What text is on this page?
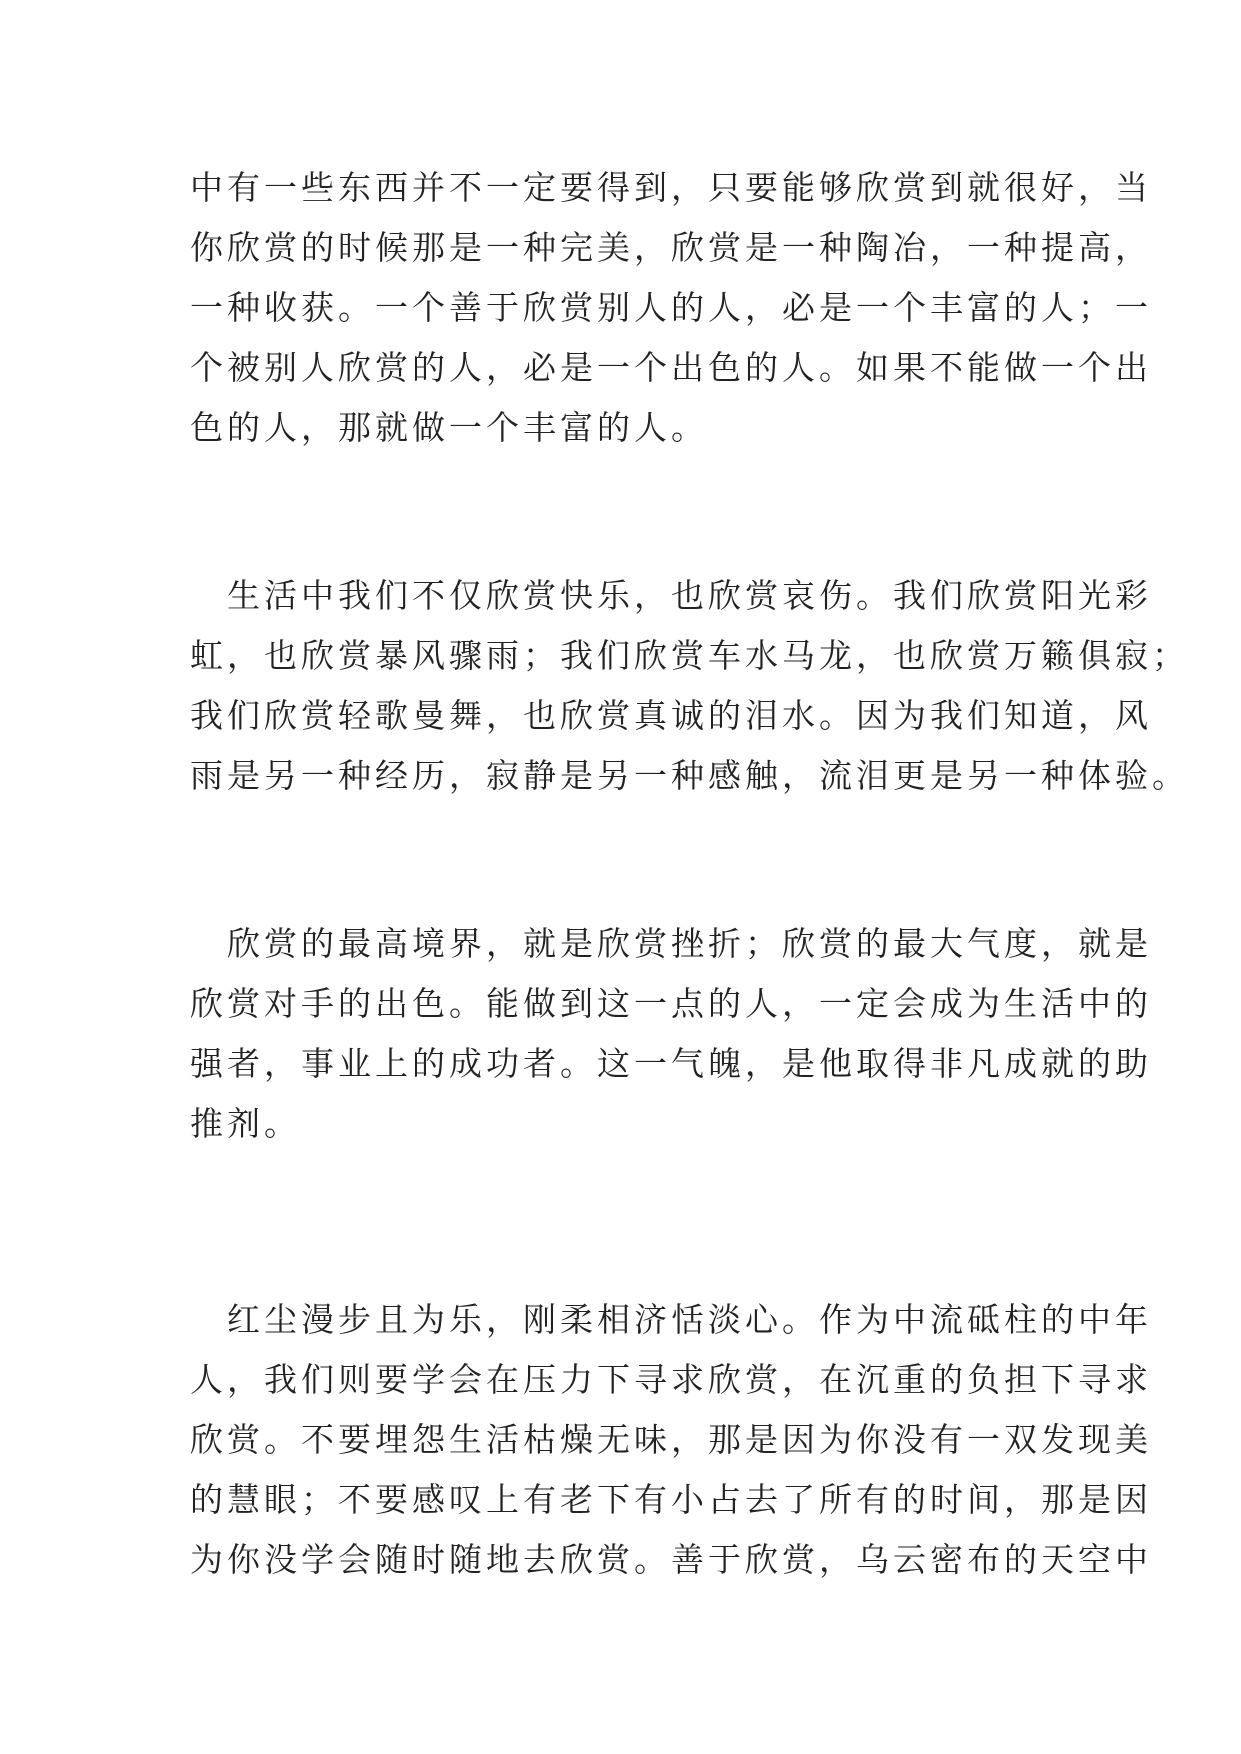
中有一些东西并不一定要得到，只要能够欣赏到就很好，当
你欣赏的时候那是一种完美，欣赏是一种陶冶，一种提高，
一种收获。一个善于欣赏别人的人，必是一个丰富的人；一
个被别人欣赏的人，必是一个出色的人。如果不能做一个出
色的人，那就做一个丰富的人。
生活中我们不仅欣赏快乐，也欣赏哀伤。我们欣赏阳光彩
虹，也欣赏暴风骤雨；我们欣赏车水马龙，也欣赏万籁俱寂；
我们欣赏轻歌曼舞，也欣赏真诚的泪水。因为我们知道，风
雨是另一种经历，寂静是另一种感触，流泪更是另一种体验。
欣赏的最高境界，就是欣赏挫折；欣赏的最大气度，就是
欣赏对手的出色。能做到这一点的人，一定会成为生活中的
强者，事业上的成功者。这一气魄，是他取得非凡成就的助
推剂。
红尘漫步且为乐，刚柔相济恬淡心。作为中流砥柱的中年
人，我们则要学会在压力下寻求欣赏，在沉重的负担下寻求
欣赏。不要埋怨生活枯燥无味，那是因为你没有一双发现美
的慧眼；不要感叹上有老下有小占去了所有的时间，那是因
为你没学会随时随地去欣赏。善于欣赏，乌云密布的天空中
